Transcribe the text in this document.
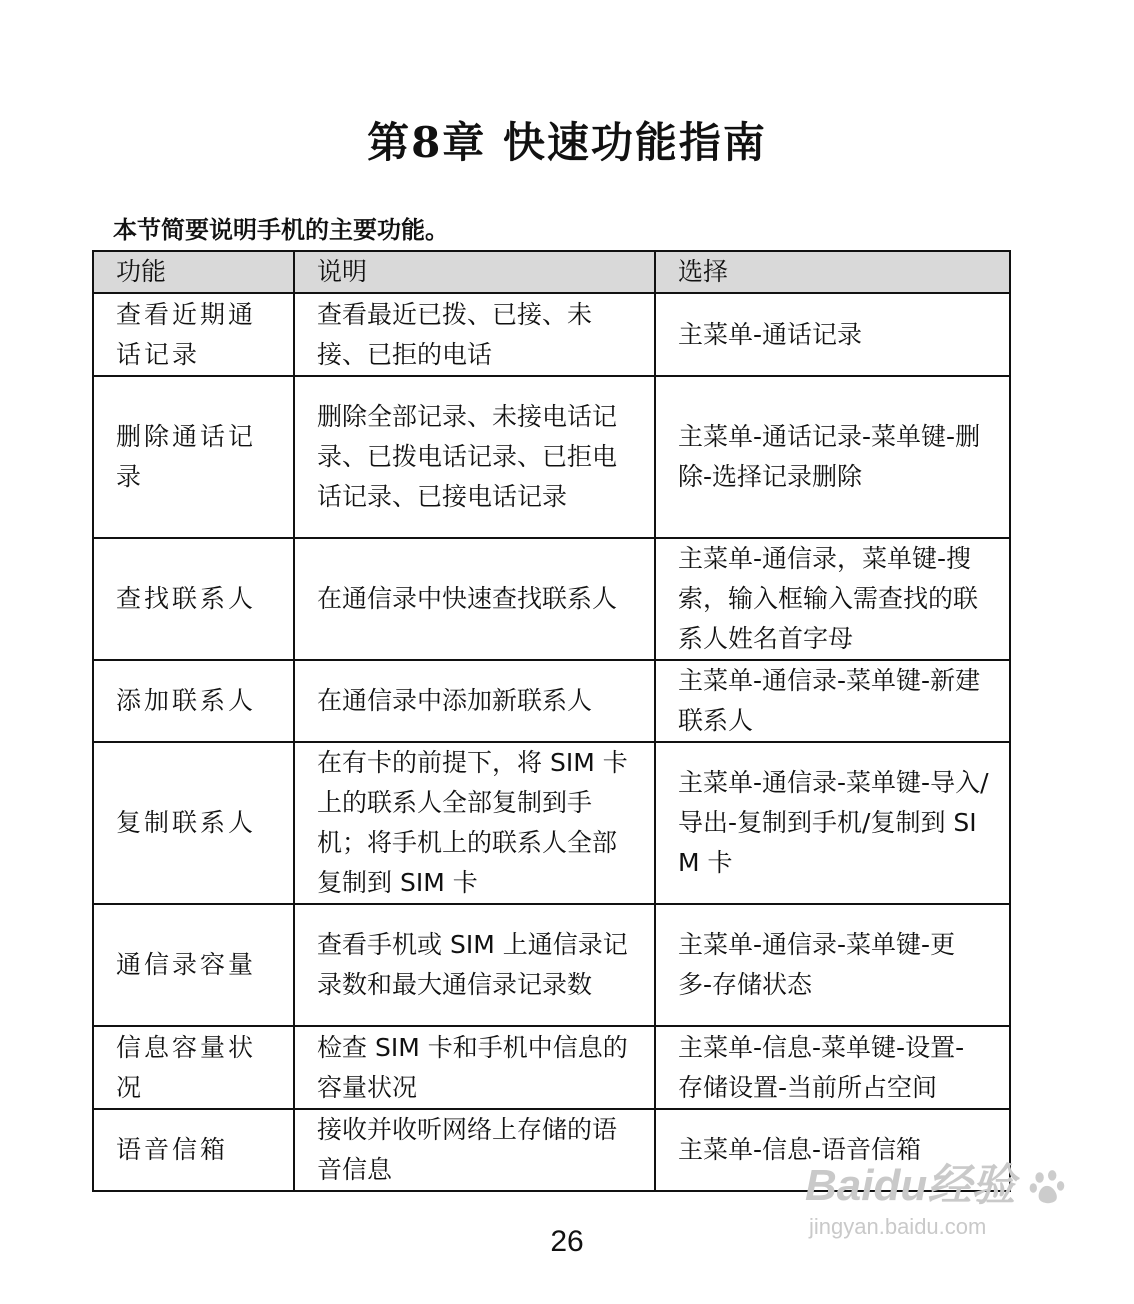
第8章 快速功能指南
本节简要说明手机的主要功能。
功能	说明	选择
查看近期通话记录	查看最近已拨、已接、未接、已拒的电话	主菜单-通话记录
删除通话记录	删除全部记录、未接电话记录、已拨电话记录、已拒电话记录、已接电话记录	主菜单-通话记录-菜单键-删除-选择记录删除
查找联系人	在通信录中快速查找联系人	主菜单-通信录，菜单键-搜索，输入框输入需查找的联系人姓名首字母
添加联系人	在通信录中添加新联系人	主菜单-通信录-菜单键-新建联系人
复制联系人	在有卡的前提下，将 SIM 卡上的联系人全部复制到手机；将手机上的联系人全部复制到 SIM 卡	主菜单-通信录-菜单键-导入/导出-复制到手机/复制到 SIM 卡
通信录容量	查看手机或 SIM 上通信录记录数和最大通信录记录数	主菜单-通信录-菜单键-更多-存储状态
信息容量状况	检查 SIM 卡和手机中信息的容量状况	主菜单-信息-菜单键-设置-存储设置-当前所占空间
语音信箱	接收并收听网络上存储的语音信息	主菜单-信息-语音信箱
26
Baidu经验
jingyan.baidu.com
